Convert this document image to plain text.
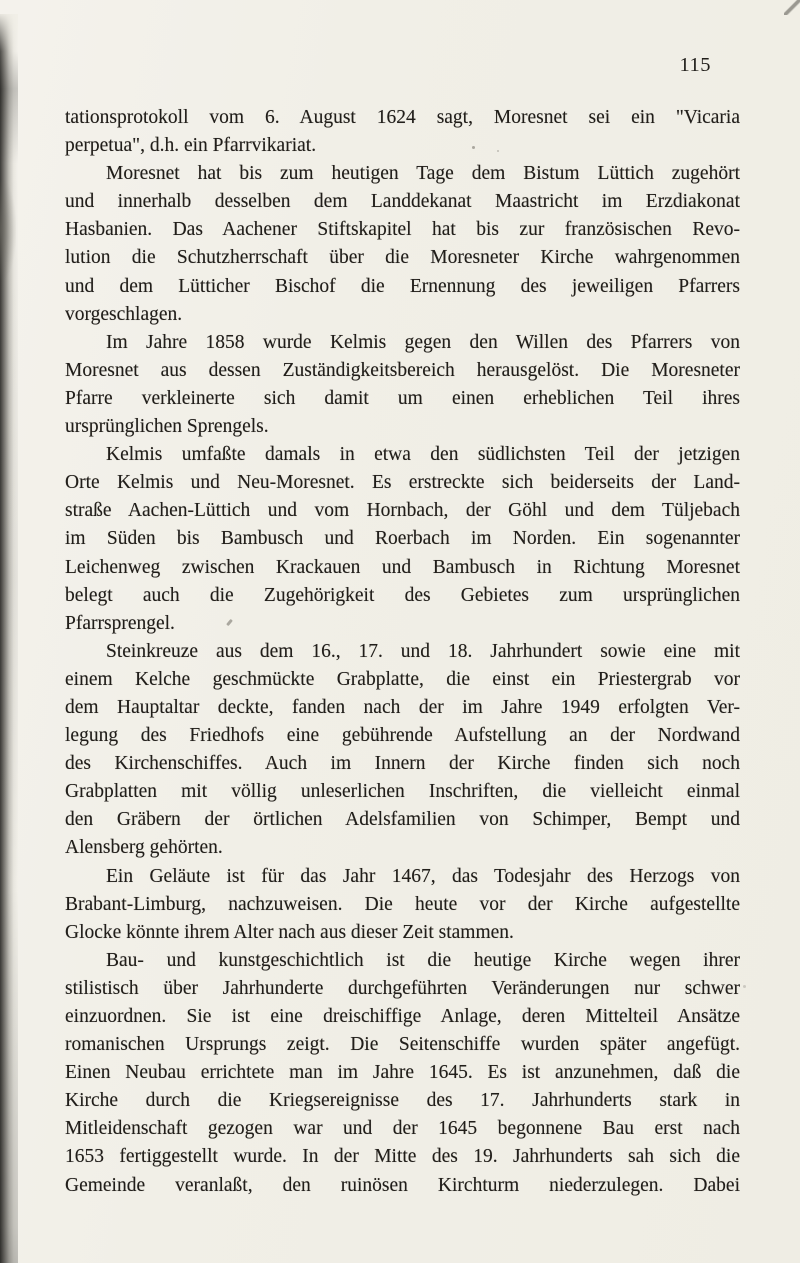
115
tationsprotokoll vom 6. August 1624 sagt, Moresnet sei ein "Vicaria
perpetua", d.h. ein Pfarrvikariat.
Moresnet hat bis zum heutigen Tage dem Bistum Lüttich zugehört
und innerhalb desselben dem Landdekanat Maastricht im Erzdiakonat
Hasbanien. Das Aachener Stiftskapitel hat bis zur französischen Revo-
lution die Schutzherrschaft über die Moresneter Kirche wahrgenommen
und dem Lütticher Bischof die Ernennung des jeweiligen Pfarrers
vorgeschlagen.
Im Jahre 1858 wurde Kelmis gegen den Willen des Pfarrers von
Moresnet aus dessen Zuständigkeitsbereich herausgelöst. Die Moresneter
Pfarre verkleinerte sich damit um einen erheblichen Teil ihres
ursprünglichen Sprengels.
Kelmis umfaßte damals in etwa den südlichsten Teil der jetzigen
Orte Kelmis und Neu-Moresnet. Es erstreckte sich beiderseits der Land-
straße Aachen-Lüttich und vom Hornbach, der Göhl und dem Tüljebach
im Süden bis Bambusch und Roerbach im Norden. Ein sogenannter
Leichenweg zwischen Krackauen und Bambusch in Richtung Moresnet
belegt auch die Zugehörigkeit des Gebietes zum ursprünglichen
Pfarrsprengel.
Steinkreuze aus dem 16., 17. und 18. Jahrhundert sowie eine mit
einem Kelche geschmückte Grabplatte, die einst ein Priestergrab vor
dem Hauptaltar deckte, fanden nach der im Jahre 1949 erfolgten Ver-
legung des Friedhofs eine gebührende Aufstellung an der Nordwand
des Kirchenschiffes. Auch im Innern der Kirche finden sich noch
Grabplatten mit völlig unleserlichen Inschriften, die vielleicht einmal
den Gräbern der örtlichen Adelsfamilien von Schimper, Bempt und
Alensberg gehörten.
Ein Geläute ist für das Jahr 1467, das Todesjahr des Herzogs von
Brabant-Limburg, nachzuweisen. Die heute vor der Kirche aufgestellte
Glocke könnte ihrem Alter nach aus dieser Zeit stammen.
Bau- und kunstgeschichtlich ist die heutige Kirche wegen ihrer
stilistisch über Jahrhunderte durchgeführten Veränderungen nur schwer
einzuordnen. Sie ist eine dreischiffige Anlage, deren Mittelteil Ansätze
romanischen Ursprungs zeigt. Die Seitenschiffe wurden später angefügt.
Einen Neubau errichtete man im Jahre 1645. Es ist anzunehmen, daß die
Kirche durch die Kriegsereignisse des 17. Jahrhunderts stark in
Mitleidenschaft gezogen war und der 1645 begonnene Bau erst nach
1653 fertiggestellt wurde. In der Mitte des 19. Jahrhunderts sah sich die
Gemeinde veranlaßt, den ruinösen Kirchturm niederzulegen. Dabei
